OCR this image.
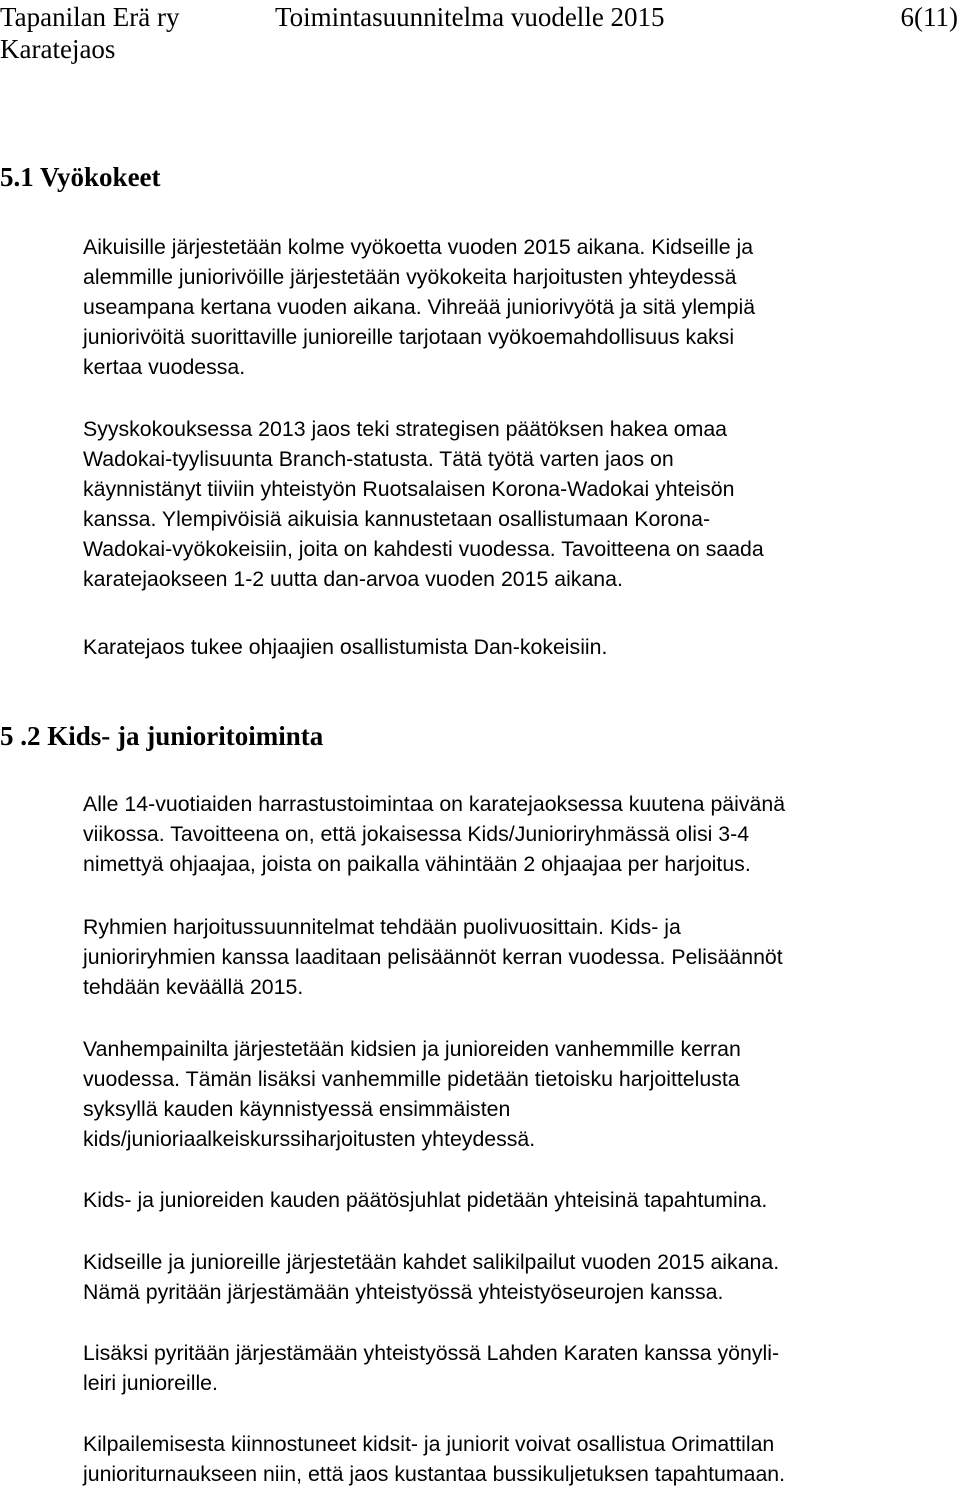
Tapanilan Erä ry	Toimintasuunnitelma vuodelle 2015	6(11)
Karatejaos
5.1 Vyökokeet
Aikuisille järjestetään kolme vyökoetta vuoden 2015 aikana. Kidseille ja
alemmille juniorivöille järjestetään vyökokeita harjoitusten yhteydessä
useampana kertana vuoden aikana. Vihreää juniorivyötä ja sitä ylempiä
juniorivöitä suorittaville junioreille tarjotaan vyökoemahdollisuus kaksi
kertaa vuodessa.
Syyskokouksessa 2013 jaos teki strategisen päätöksen hakea omaa
Wadokai-tyylisuunta Branch-statusta. Tätä työtä varten jaos on
käynnistänyt tiiviin yhteistyön Ruotsalaisen Korona-Wadokai yhteisön
kanssa. Ylempivöisiä aikuisia kannustetaan osallistumaan Korona-
Wadokai-vyökokeisiin, joita on kahdesti vuodessa. Tavoitteena on saada
karatejaokseen 1-2 uutta dan-arvoa vuoden 2015 aikana.
Karatejaos tukee ohjaajien osallistumista Dan-kokeisiin.
5 .2 Kids- ja junioritoiminta
Alle 14-vuotiaiden harrastustoimintaa on karatejaoksessa kuutena päivänä
viikossa. Tavoitteena on, että jokaisessa Kids/Junioriryhmässä olisi 3-4
nimettyä ohjaajaa, joista on paikalla vähintään 2 ohjaajaa per harjoitus.
Ryhmien harjoitussuunnitelmat tehdään puolivuosittain. Kids- ja
junioriryhmien kanssa laaditaan pelisäännöt kerran vuodessa. Pelisäännöt
tehdään keväällä 2015.
Vanhempainilta järjestetään kidsien ja junioreiden vanhemmille kerran
vuodessa. Tämän lisäksi vanhemmille pidetään tietoisku harjoittelusta
syksyllä kauden käynnistyessä ensimmäisten
kids/junioriaalkeiskurssiharjoitusten yhteydessä.
Kids- ja junioreiden kauden päätösjuhlat pidetään yhteisinä tapahtumina.
Kidseille ja junioreille järjestetään kahdet salikilpailut vuoden 2015 aikana.
Nämä pyritään järjestämään yhteistyössä yhteistyöseurojen kanssa.
Lisäksi pyritään järjestämään yhteistyössä Lahden Karaten kanssa yönyli-
leiri junioreille.
Kilpailemisesta kiinnostuneet kidsit- ja juniorit voivat osallistua Orimattilan
junioriturnaukseen niin, että jaos kustantaa bussikuljetuksen tapahtumaan.
